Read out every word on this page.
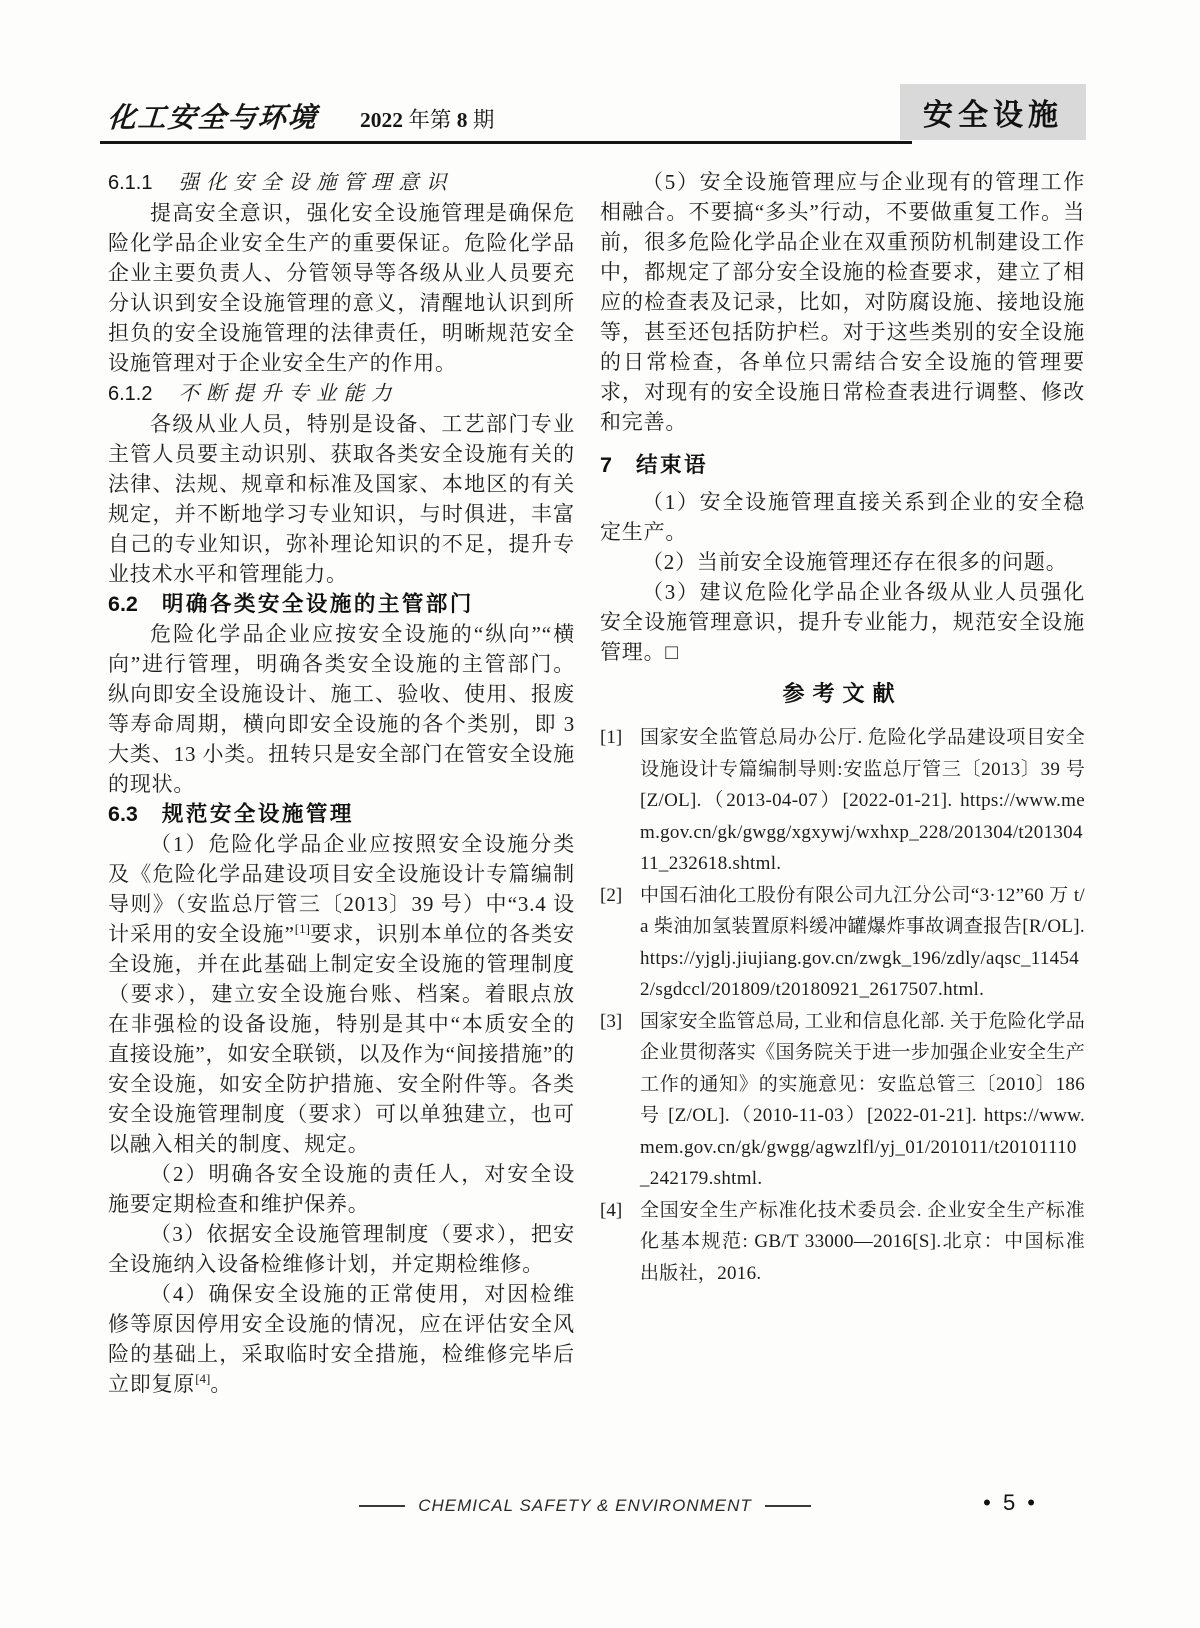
化工安全与环境 2022 年第 8 期	安全设施
6.1.1 强化安全设施管理意识

提高安全意识，强化安全设施管理是确保危险化学品企业安全生产的重要保证。危险化学品企业主要负责人、分管领导等各级从业人员要充分认识到安全设施管理的意义，清醒地认识到所担负的安全设施管理的法律责任，明晰规范安全设施管理对于企业安全生产的作用。

6.1.2 不断提升专业能力

各级从业人员，特别是设备、工艺部门专业主管人员要主动识别、获取各类安全设施有关的法律、法规、规章和标准及国家、本地区的有关规定，并不断地学习专业知识，与时俱进，丰富自己的专业知识，弥补理论知识的不足，提升专业技术水平和管理能力。

6.2 明确各类安全设施的主管部门

危险化学品企业应按安全设施的“纵向”“横向”进行管理，明确各类安全设施的主管部门。纵向即安全设施设计、施工、验收、使用、报废等寿命周期，横向即安全设施的各个类别，即 3 大类、13 小类。扭转只是安全部门在管安全设施的现状。

6.3 规范安全设施管理

（1）危险化学品企业应按照安全设施分类及《危险化学品建设项目安全设施设计专篇编制导则》（安监总厅管三〔2013〕39 号）中“3.4 设计采用的安全设施”[1]要求，识别本单位的各类安全设施，并在此基础上制定安全设施的管理制度（要求），建立安全设施台账、档案。着眼点放在非强检的设备设施，特别是其中“本质安全的直接设施”，如安全联锁，以及作为“间接措施”的安全设施，如安全防护措施、安全附件等。各类安全设施管理制度（要求）可以单独建立，也可以融入相关的制度、规定。

（2）明确各安全设施的责任人，对安全设施要定期检查和维护保养。

（3）依据安全设施管理制度（要求），把安全设施纳入设备检维修计划，并定期检维修。

（4）确保安全设施的正常使用，对因检维修等原因停用安全设施的情况，应在评估安全风险的基础上，采取临时安全措施，检维修完毕后立即复原[4]。

（5）安全设施管理应与企业现有的管理工作相融合。不要搞“多头”行动，不要做重复工作。当前，很多危险化学品企业在双重预防机制建设工作中，都规定了部分安全设施的检查要求，建立了相应的检查表及记录，比如，对防腐设施、接地设施等，甚至还包括防护栏。对于这些类别的安全设施的日常检查，各单位只需结合安全设施的管理要求，对现有的安全设施日常检查表进行调整、修改和完善。

7 结束语

（1）安全设施管理直接关系到企业的安全稳定生产。

（2）当前安全设施管理还存在很多的问题。

（3）建议危险化学品企业各级从业人员强化安全设施管理意识，提升专业能力，规范安全设施管理。□

参考文献
[1] 国家安全监管总局办公厅. 危险化学品建设项目安全设施设计专篇编制导则:安监总厅管三〔2013〕39 号 [Z/OL].（2013-04-07）[2022-01-21]. https://www.mem.gov.cn/gk/gwgg/xgxywj/wxhxp_228/201304/t20130411_232618.shtml.
[2] 中国石油化工股份有限公司九江分公司“3·12”60 万 t/a 柴油加氢装置原料缓冲罐爆炸事故调查报告[R/OL]. https://yjglj.jiujiang.gov.cn/zwgk_196/zdly/aqsc_114542/sgdccl/201809/t20180921_2617507.html.
[3] 国家安全监管总局, 工业和信息化部. 关于危险化学品企业贯彻落实《国务院关于进一步加强企业安全生产工作的通知》的实施意见：安监总管三〔2010〕186 号 [Z/OL].（2010-11-03）[2022-01-21]. https://www.mem.gov.cn/gk/gwgg/agwzlfl/yj_01/201011/t20101110_242179.shtml.
[4] 全国安全生产标准化技术委员会. 企业安全生产标准化基本规范: GB/T 33000—2016[S].北京：中国标准出版社，2016.
CHEMICAL SAFETY & ENVIRONMENT	• 5 •
